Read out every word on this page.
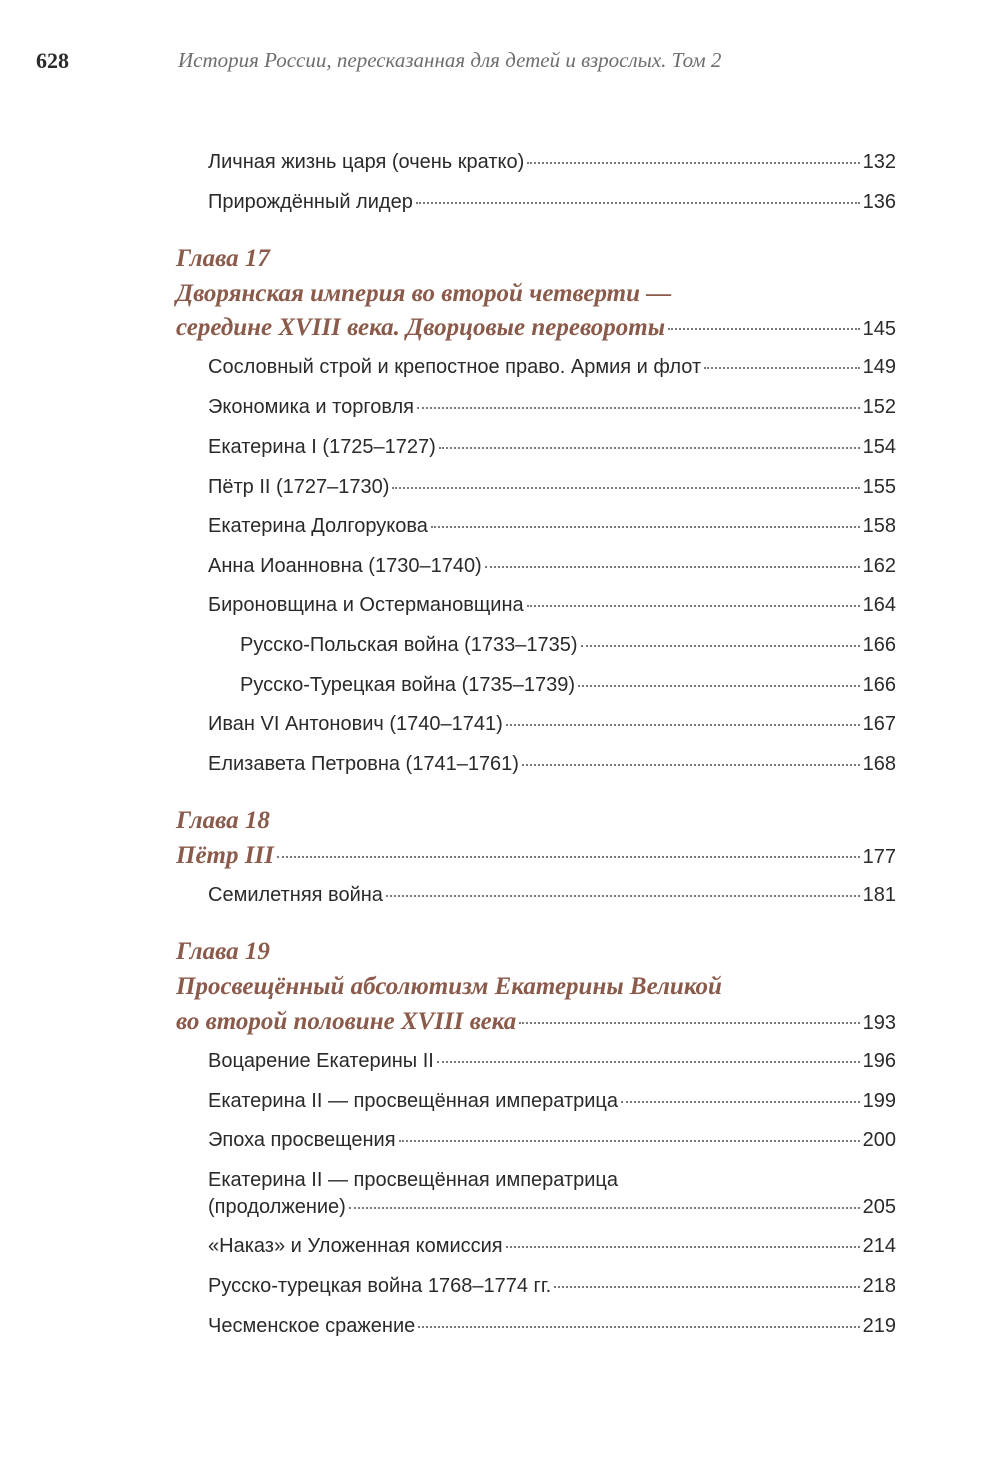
628	История России, пересказанная для детей и взрослых. Том 2
Личная жизнь царя (очень кратко)	132
Прирождённый лидер	136
Глава 17
Дворянская империя во второй четверти —
середине XVIII века. Дворцовые перевороты	145
Сословный строй и крепостное право. Армия и флот	149
Экономика и торговля	152
Екатерина I (1725–1727)	154
Пётр II (1727–1730)	155
Екатерина Долгорукова	158
Анна Иоанновна (1730–1740)	162
Бироновщина и Остермановщина	164
Русско-Польская война (1733–1735)	166
Русско-Турецкая война (1735–1739)	166
Иван VI Антонович (1740–1741)	167
Елизавета Петровна (1741–1761)	168
Глава 18
Пётр III	177
Семилетняя война	181
Глава 19
Просвещённый абсолютизм Екатерины Великой
во второй половине XVIII века	193
Воцарение Екатерины II	196
Екатерина II — просвещённая императрица	199
Эпоха просвещения	200
Екатерина II — просвещённая императрица
(продолжение)	205
«Наказ» и Уложенная комиссия	214
Русско-турецкая война 1768–1774 гг.	218
Чесменское сражение	219
